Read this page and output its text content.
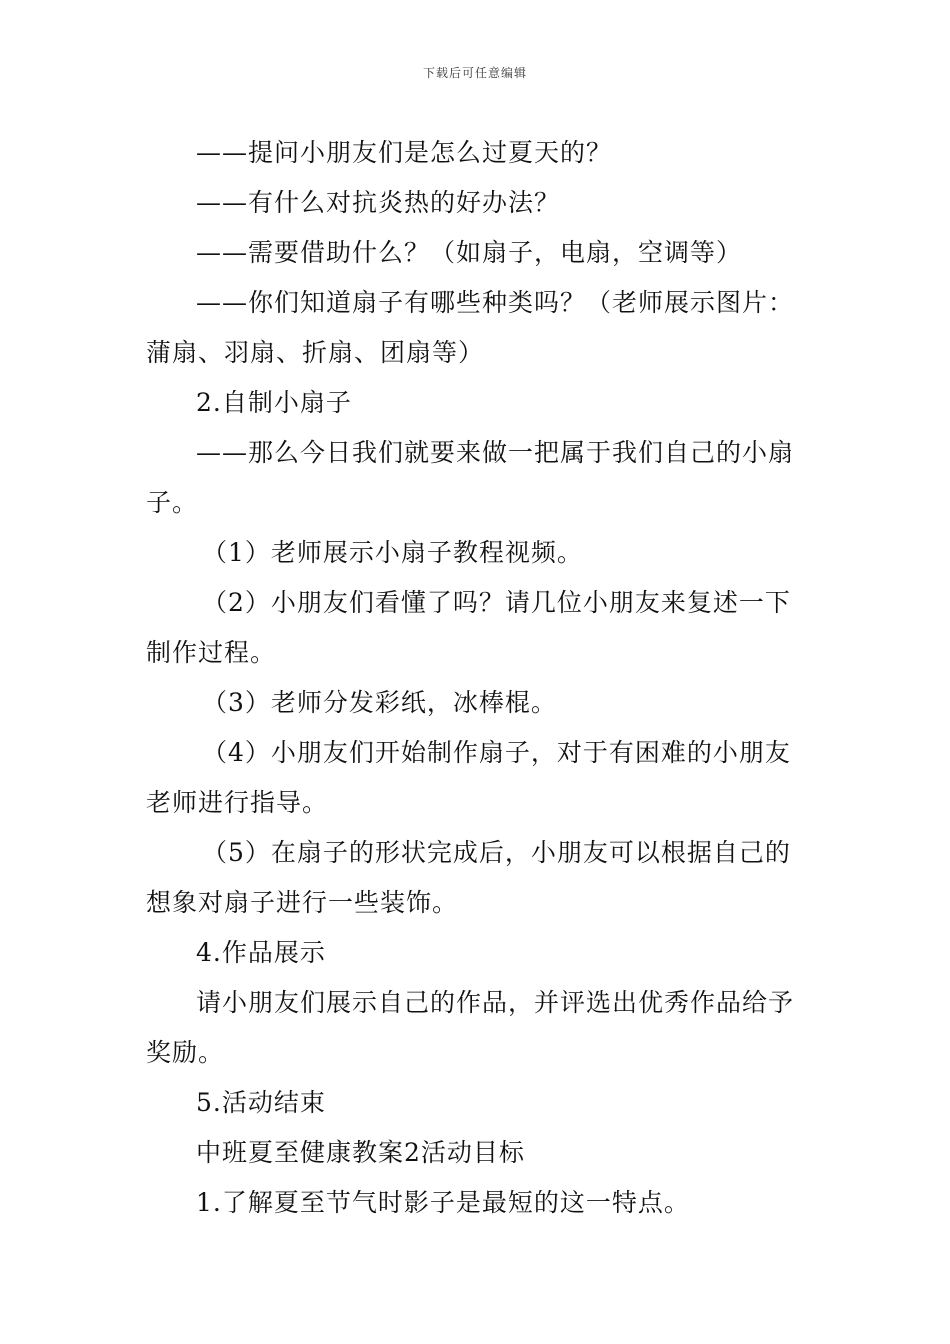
下载后可任意编辑

——提问小朋友们是怎么过夏天的？

——有什么对抗炎热的好办法？

——需要借助什么？（如扇子，电扇，空调等）

——你们知道扇子有哪些种类吗？（老师展示图片：蒲扇、羽扇、折扇、团扇等）

2.自制小扇子

——那么今日我们就要来做一把属于我们自己的小扇子。

（1）老师展示小扇子教程视频。

（2）小朋友们看懂了吗？请几位小朋友来复述一下制作过程。

（3）老师分发彩纸，冰棒棍。

（4）小朋友们开始制作扇子，对于有困难的小朋友老师进行指导。

（5）在扇子的形状完成后，小朋友可以根据自己的想象对扇子进行一些装饰。

4.作品展示

请小朋友们展示自己的作品，并评选出优秀作品给予奖励。

5.活动结束

中班夏至健康教案2活动目标

1.了解夏至节气时影子是最短的这一特点。
